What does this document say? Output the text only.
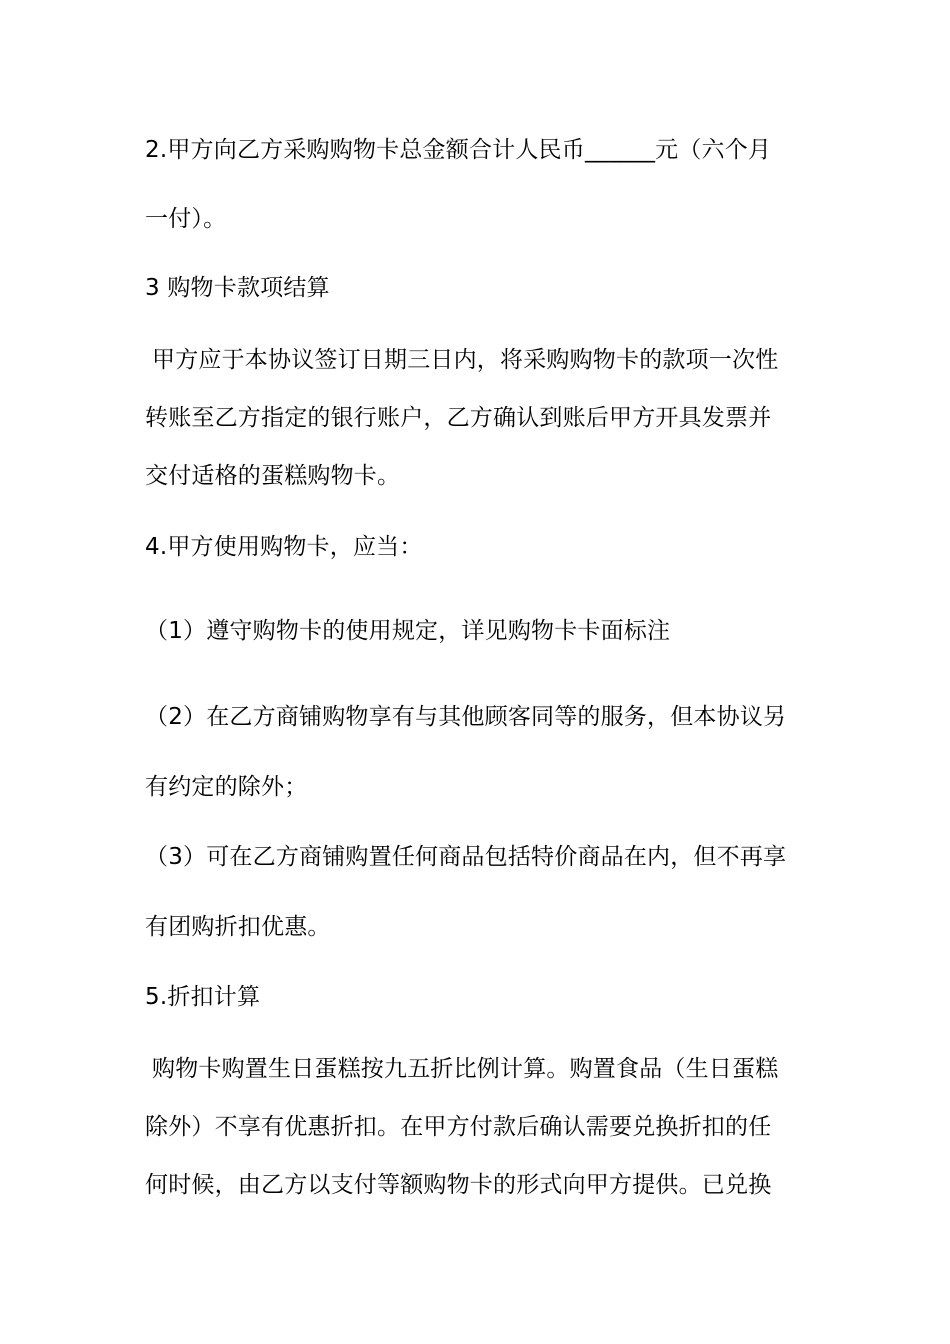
2.甲方向乙方采购购物卡总金额合计人民币______元（六个月
一付）。
3 购物卡款项结算
甲方应于本协议签订日期三日内，将采购购物卡的款项一次性
转账至乙方指定的银行账户，乙方确认到账后甲方开具发票并
交付适格的蛋糕购物卡。
4.甲方使用购物卡，应当：
（1）遵守购物卡的使用规定，详见购物卡卡面标注
（2）在乙方商铺购物享有与其他顾客同等的服务，但本协议另
有约定的除外；
（3）可在乙方商铺购置任何商品包括特价商品在内，但不再享
有团购折扣优惠。
5.折扣计算
购物卡购置生日蛋糕按九五折比例计算。购置食品（生日蛋糕
除外）不享有优惠折扣。在甲方付款后确认需要兑换折扣的任
何时候，由乙方以支付等额购物卡的形式向甲方提供。已兑换
